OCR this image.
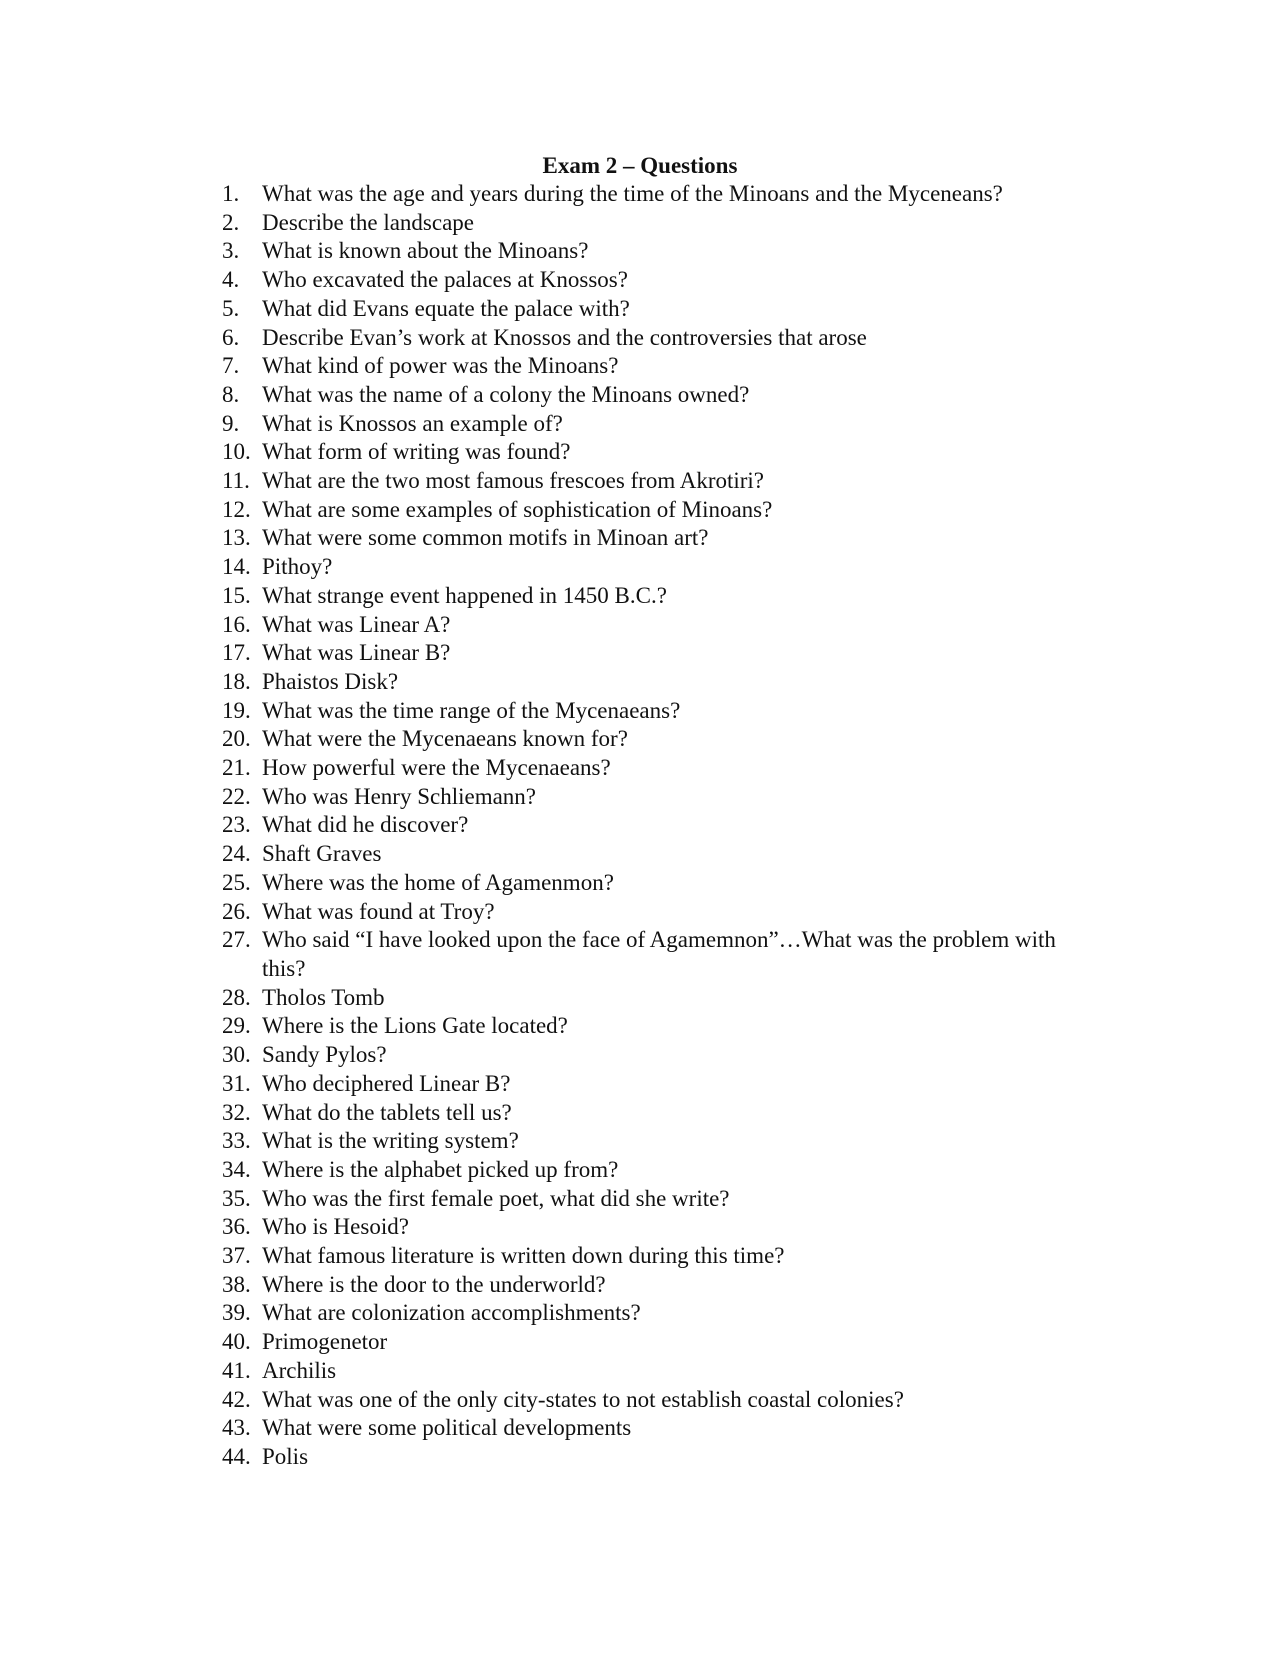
Exam 2 – Questions
1. What was the age and years during the time of the Minoans and the Myceneans?
2. Describe the landscape
3. What is known about the Minoans?
4. Who excavated the palaces at Knossos?
5. What did Evans equate the palace with?
6. Describe Evan’s work at Knossos and the controversies that arose
7. What kind of power was the Minoans?
8. What was the name of a colony the Minoans owned?
9. What is Knossos an example of?
10. What form of writing was found?
11. What are the two most famous frescoes from Akrotiri?
12. What are some examples of sophistication of Minoans?
13. What were some common motifs in Minoan art?
14. Pithoy?
15. What strange event happened in 1450 B.C.?
16. What was Linear A?
17. What was Linear B?
18. Phaistos Disk?
19. What was the time range of the Mycenaeans?
20. What were the Mycenaeans known for?
21. How powerful were the Mycenaeans?
22. Who was Henry Schliemann?
23. What did he discover?
24. Shaft Graves
25. Where was the home of Agamenmon?
26. What was found at Troy?
27. Who said “I have looked upon the face of Agamemnon”…What was the problem with this?
28. Tholos Tomb
29. Where is the Lions Gate located?
30. Sandy Pylos?
31. Who deciphered Linear B?
32. What do the tablets tell us?
33. What is the writing system?
34. Where is the alphabet picked up from?
35. Who was the first female poet, what did she write?
36. Who is Hesoid?
37. What famous literature is written down during this time?
38. Where is the door to the underworld?
39. What are colonization accomplishments?
40. Primogenetor
41. Archilis
42. What was one of the only city-states to not establish coastal colonies?
43. What were some political developments
44. Polis
